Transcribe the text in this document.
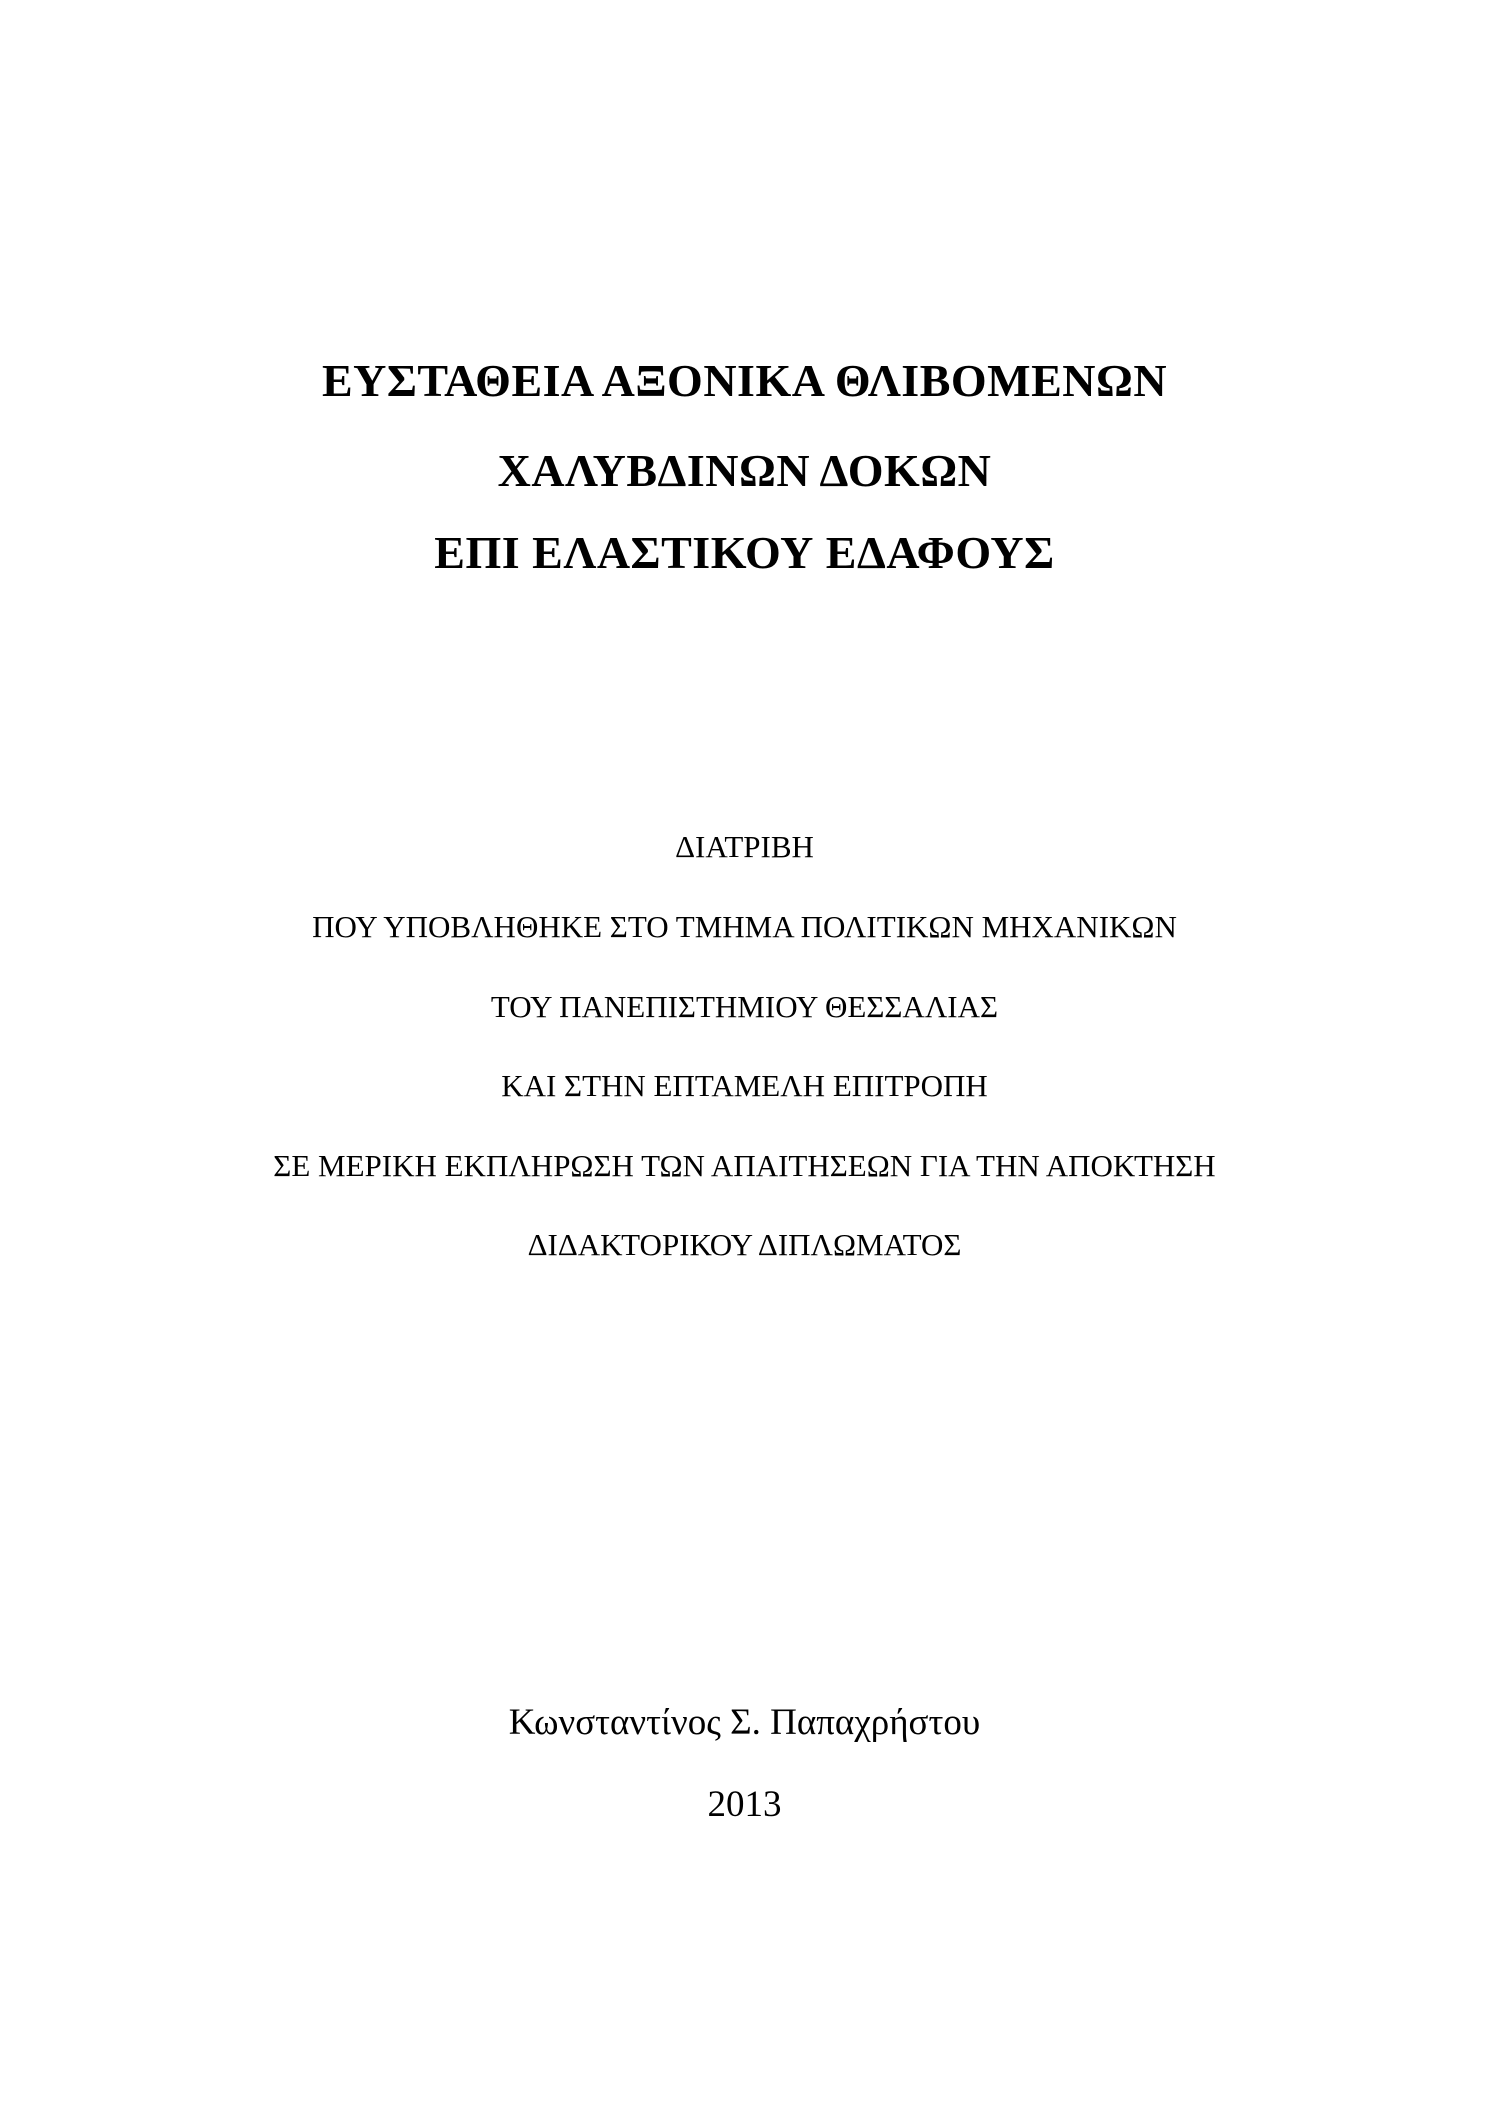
ΕΥΣΤΑΘΕΙΑ ΑΞΟΝΙΚΑ ΘΛΙΒΟΜΕΝΩΝ
ΧΑΛΥΒΔΙΝΩΝ ΔΟΚΩΝ
ΕΠΙ ΕΛΑΣΤΙΚΟΥ ΕΔΑΦΟΥΣ
ΔΙΑΤΡΙΒΗ
ΠΟΥ ΥΠΟΒΛΗΘΗΚΕ ΣΤΟ ΤΜΗΜΑ ΠΟΛΙΤΙΚΩΝ ΜΗΧΑΝΙΚΩΝ
ΤΟΥ ΠΑΝΕΠΙΣΤΗΜΙΟΥ ΘΕΣΣΑΛΙΑΣ
ΚΑΙ ΣΤΗΝ ΕΠΤΑΜΕΛΗ ΕΠΙΤΡΟΠΗ
ΣΕ ΜΕΡΙΚΗ ΕΚΠΛΗΡΩΣΗ ΤΩΝ ΑΠΑΙΤΗΣΕΩΝ ΓΙΑ ΤΗΝ ΑΠΟΚΤΗΣΗ
ΔΙΔΑΚΤΟΡΙΚΟΥ ΔΙΠΛΩΜΑΤΟΣ
Κωνσταντίνος Σ. Παπαχρήστου
2013
